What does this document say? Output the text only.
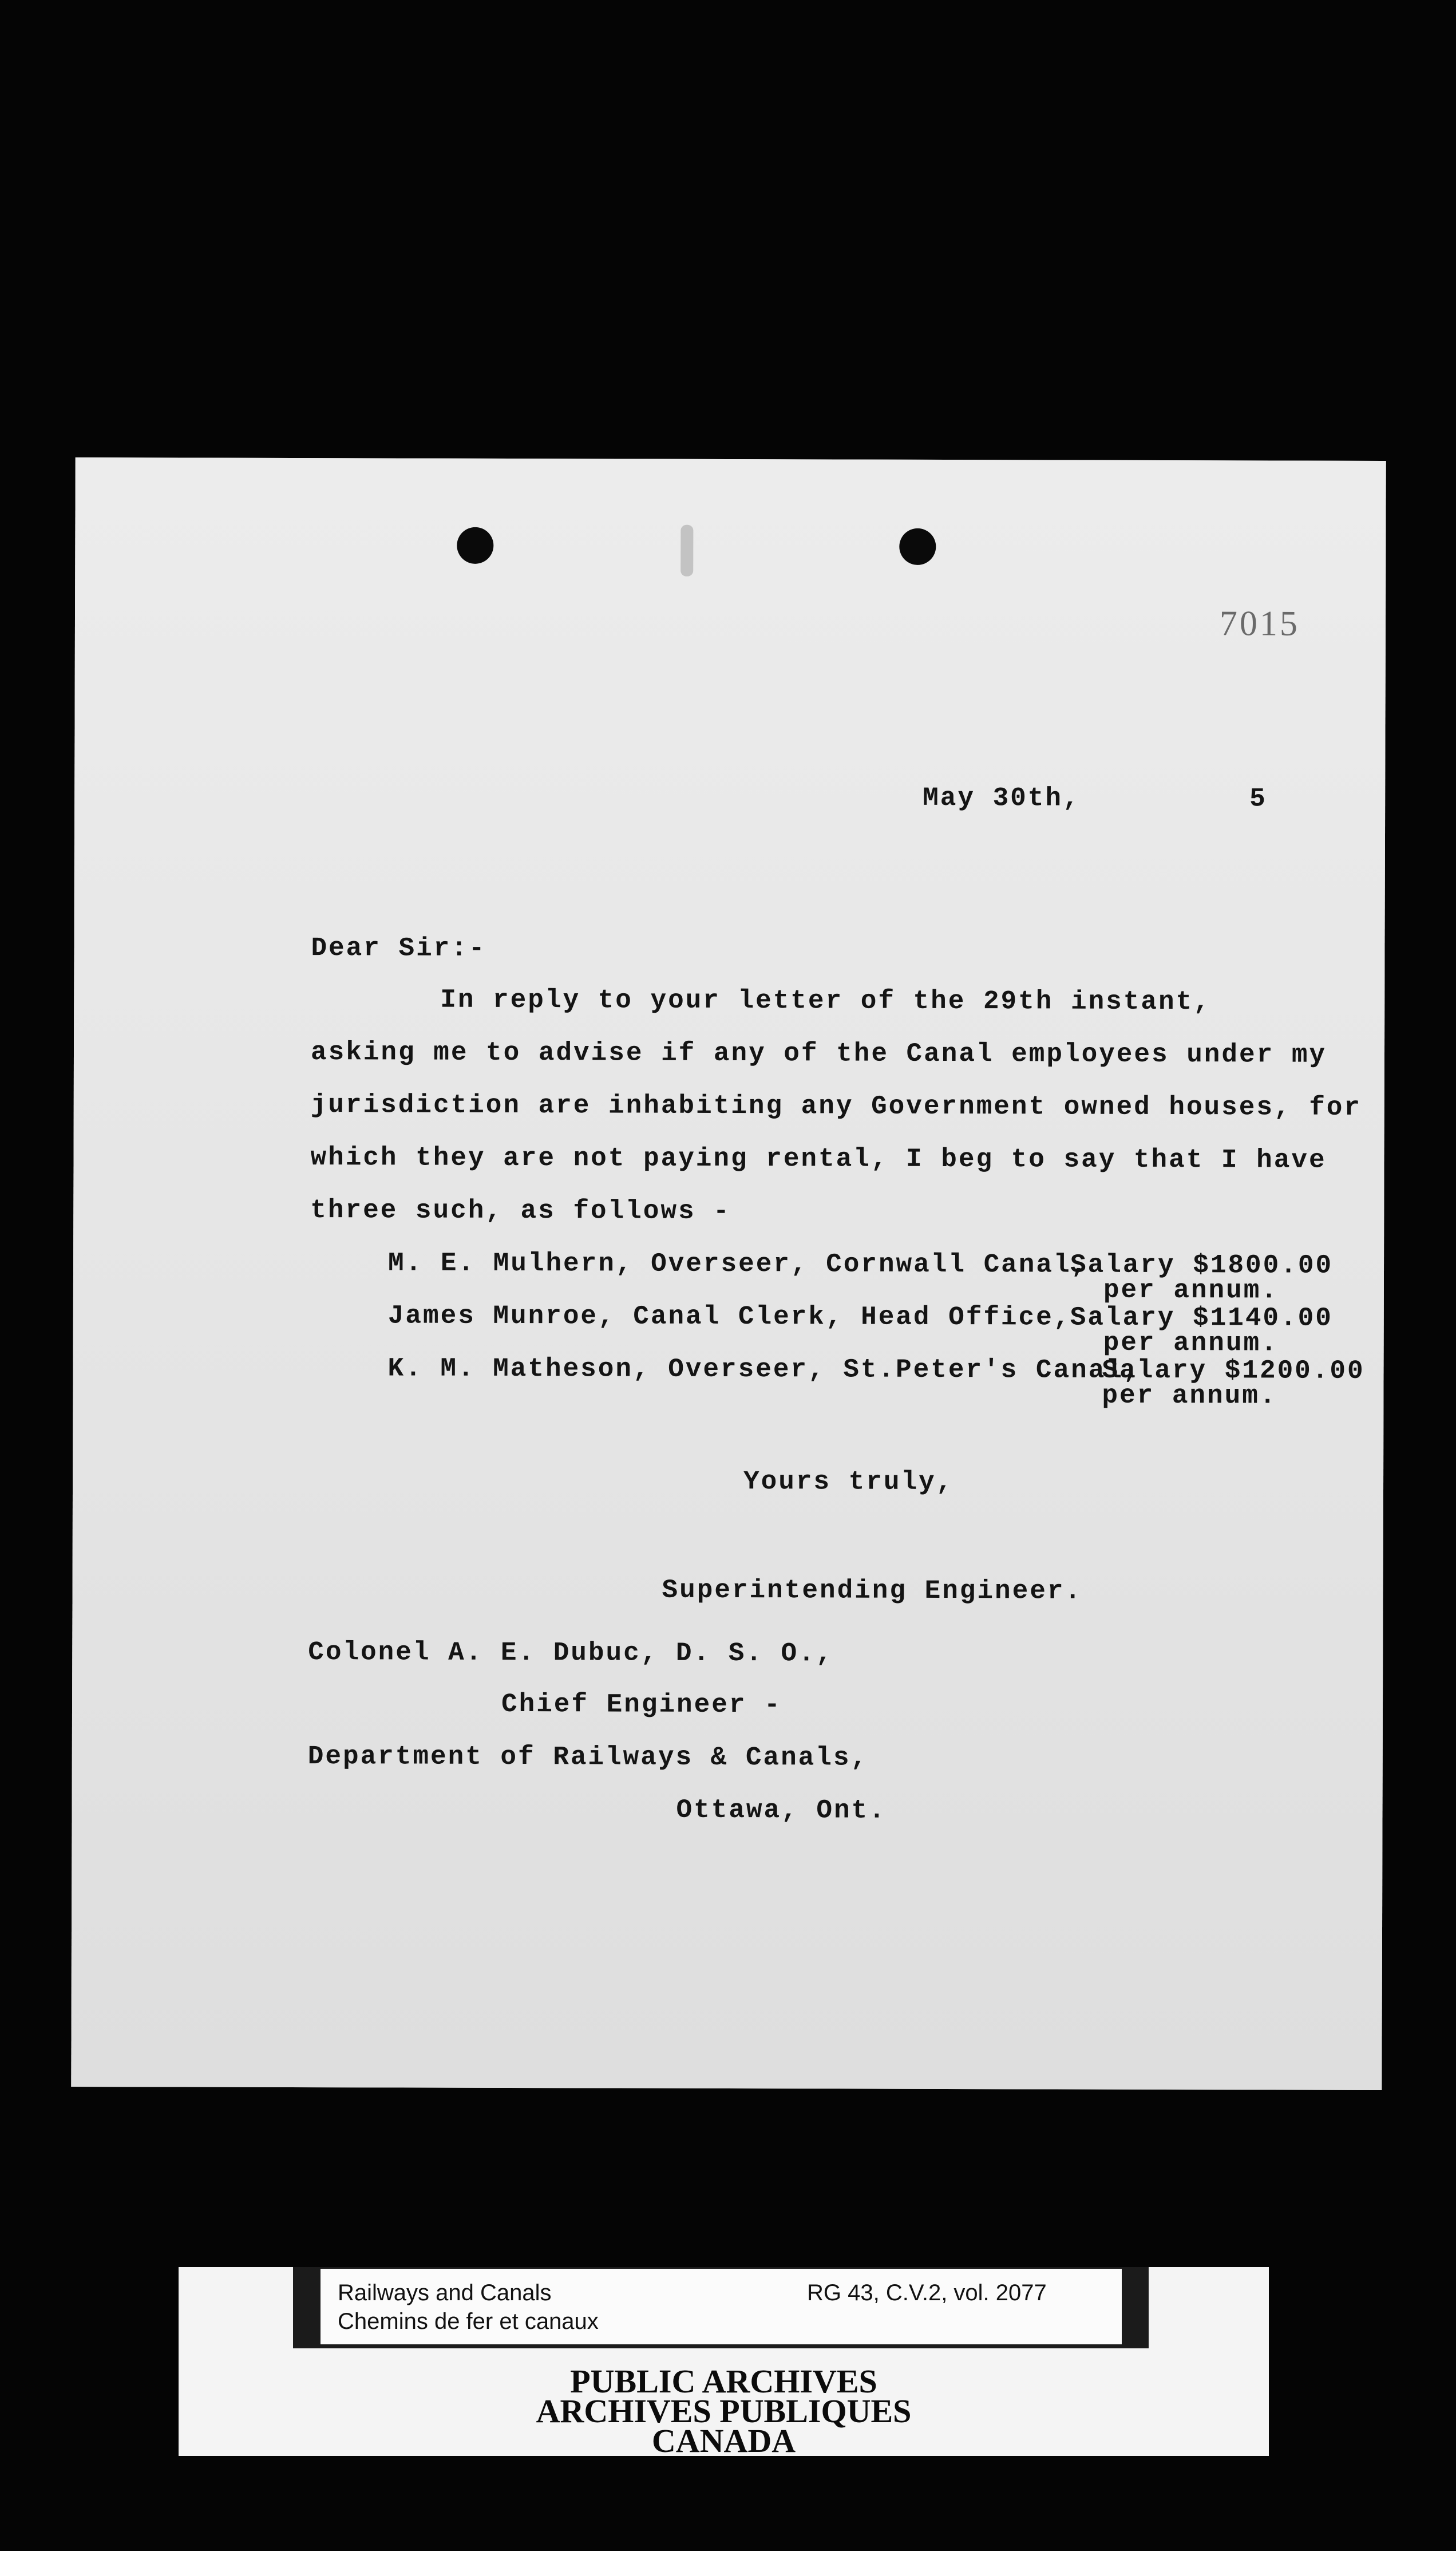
7015
May 30th,	5
Dear Sir:-
In reply to your letter of the 29th instant,
asking me to advise if any of the Canal employees under my
jurisdiction are inhabiting any Government owned houses, for
which they are not paying rental, I beg to say that I have
three such, as follows -
M. E. Mulhern, Overseer, Cornwall Canal,
Salary $1800.00
per annum.
James Munroe, Canal Clerk, Head Office,
Salary $1140.00
per annum.
K. M. Matheson, Overseer, St.Peter's Canal,
Salary $1200.00
per annum.
Yours truly,
Superintending Engineer.
Colonel A. E. Dubuc, D. S. O.,
Chief Engineer -
Department of Railways & Canals,
Ottawa, Ont.
Railways and Canals
Chemins de fer et canaux
RG 43, C.V.2, vol. 2077
PUBLIC ARCHIVES
ARCHIVES PUBLIQUES
CANADA
